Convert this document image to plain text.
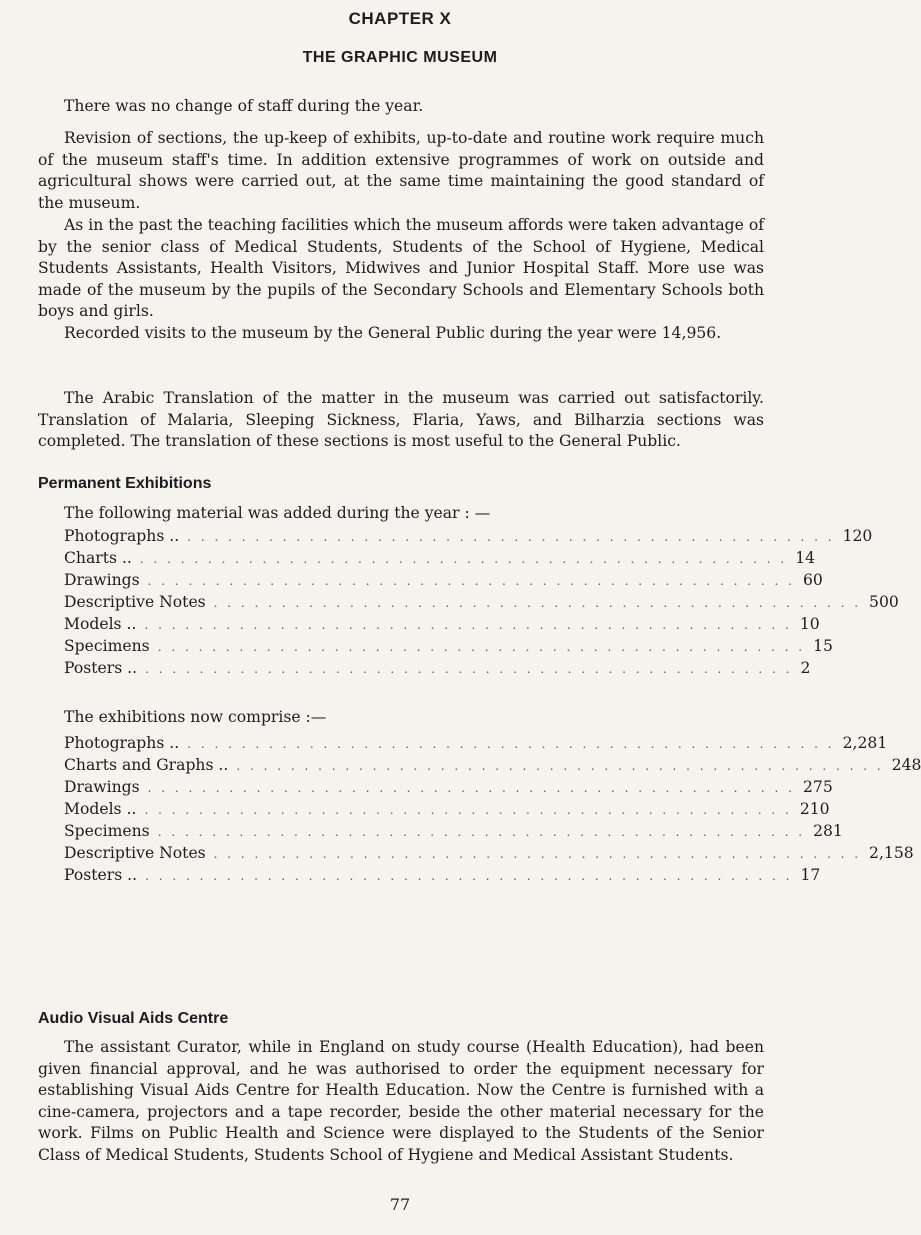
CHAPTER X
THE GRAPHIC MUSEUM
There was no change of staff during the year.
Revision of sections, the up-keep of exhibits, up-to-date and routine work require much of the museum staff's time. In addition extensive programmes of work on outside and agricultural shows were carried out, at the same time maintaining the good standard of the museum.
As in the past the teaching facilities which the museum affords were taken advantage of by the senior class of Medical Students, Students of the School of Hygiene, Medical Students Assistants, Health Visitors, Midwives and Junior Hospital Staff. More use was made of the museum by the pupils of the Secondary Schools and Elementary Schools both boys and girls.
Recorded visits to the museum by the General Public during the year were 14,956.
The Arabic Translation of the matter in the museum was carried out satisfactorily. Translation of Malaria, Sleeping Sickness, Flaria, Yaws, and Bilharzia sections was completed. The translation of these sections is most useful to the General Public.
Permanent Exhibitions
The following material was added during the year : —
Photographs .. . . . . . . . . . . . . . . . . . . . . . . . . . . . . . . . . . . . . . . . . . . . . . . . . 120
Charts .. . . . . . . . . . . . . . . . . . . . . . . . . . . . . . . . . . . . . . . . . . . . . . . . . 14
Drawings . . . . . . . . . . . . . . . . . . . . . . . . . . . . . . . . . . . . . . . . . . . . . . . . 60
Descriptive Notes . . . . . . . . . . . . . . . . . . . . . . . . . . . . . . . . . . . . . . . . . . . . . . . . 500
Models .. . . . . . . . . . . . . . . . . . . . . . . . . . . . . . . . . . . . . . . . . . . . . . . . . 10
Specimens . . . . . . . . . . . . . . . . . . . . . . . . . . . . . . . . . . . . . . . . . . . . . . . . 15
Posters .. . . . . . . . . . . . . . . . . . . . . . . . . . . . . . . . . . . . . . . . . . . . . . . . . 2
The exhibitions now comprise :—
Photographs .. . . . . . . . . . . . . . . . . . . . . . . . . . . . . . . . . . . . . . . . . . . . . . . . . 2,281
Charts and Graphs .. . . . . . . . . . . . . . . . . . . . . . . . . . . . . . . . . . . . . . . . . . . . . . . . . 248
Drawings . . . . . . . . . . . . . . . . . . . . . . . . . . . . . . . . . . . . . . . . . . . . . . . . 275
Models .. . . . . . . . . . . . . . . . . . . . . . . . . . . . . . . . . . . . . . . . . . . . . . . . . 210
Specimens . . . . . . . . . . . . . . . . . . . . . . . . . . . . . . . . . . . . . . . . . . . . . . . . 281
Descriptive Notes . . . . . . . . . . . . . . . . . . . . . . . . . . . . . . . . . . . . . . . . . . . . . . . . 2,158
Posters .. . . . . . . . . . . . . . . . . . . . . . . . . . . . . . . . . . . . . . . . . . . . . . . . . 17
Audio Visual Aids Centre
The assistant Curator, while in England on study course (Health Education), had been given financial approval, and he was authorised to order the equipment necessary for establishing Visual Aids Centre for Health Education. Now the Centre is furnished with a cine-camera, projectors and a tape recorder, beside the other material necessary for the work. Films on Public Health and Science were displayed to the Students of the Senior Class of Medical Students, Students School of Hygiene and Medical Assistant Students.
77
